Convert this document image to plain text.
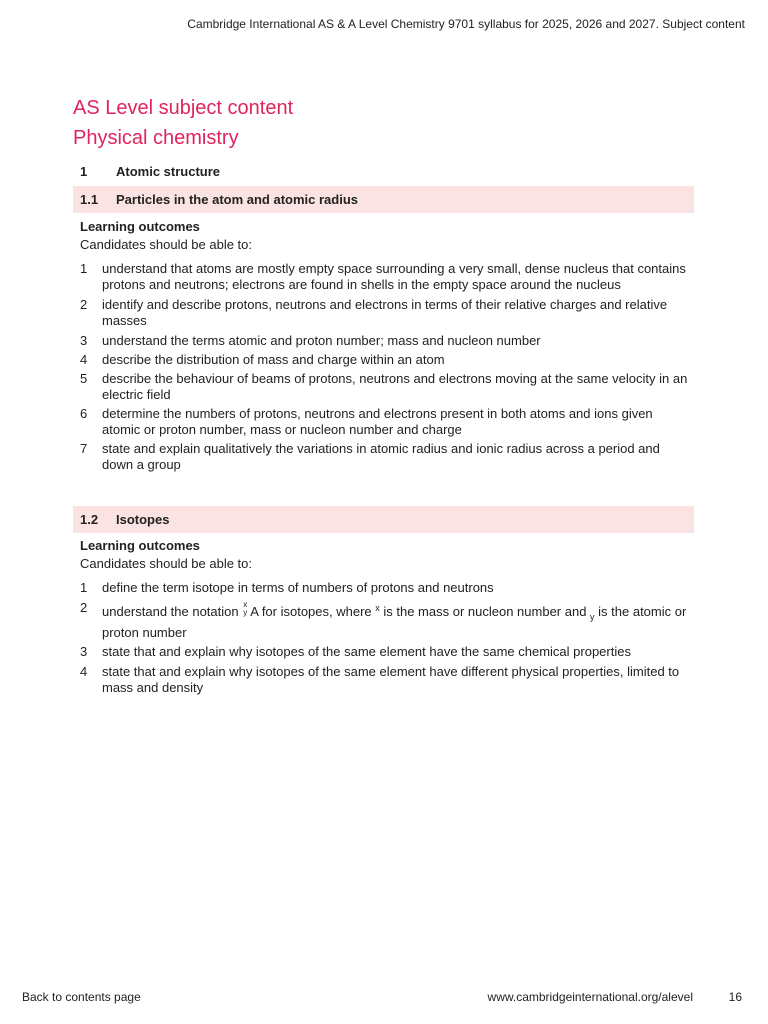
Cambridge International AS & A Level Chemistry 9701 syllabus for 2025, 2026 and 2027. Subject content
AS Level subject content
Physical chemistry
1	Atomic structure
1.1	Particles in the atom and atomic radius
Learning outcomes
Candidates should be able to:
1	understand that atoms are mostly empty space surrounding a very small, dense nucleus that contains protons and neutrons; electrons are found in shells in the empty space around the nucleus
2	identify and describe protons, neutrons and electrons in terms of their relative charges and relative masses
3	understand the terms atomic and proton number; mass and nucleon number
4	describe the distribution of mass and charge within an atom
5	describe the behaviour of beams of protons, neutrons and electrons moving at the same velocity in an electric field
6	determine the numbers of protons, neutrons and electrons present in both atoms and ions given atomic or proton number, mass or nucleon number and charge
7	state and explain qualitatively the variations in atomic radius and ionic radius across a period and down a group
1.2	Isotopes
Learning outcomes
Candidates should be able to:
1	define the term isotope in terms of numbers of protons and neutrons
2	understand the notation x
y A for isotopes, where $^x$ is the mass or nucleon number and $_y$ is the atomic or proton number
3	state that and explain why isotopes of the same element have the same chemical properties
4	state that and explain why isotopes of the same element have different physical properties, limited to mass and density
Back to contents page	www.cambridgeinternational.org/alevel	16
